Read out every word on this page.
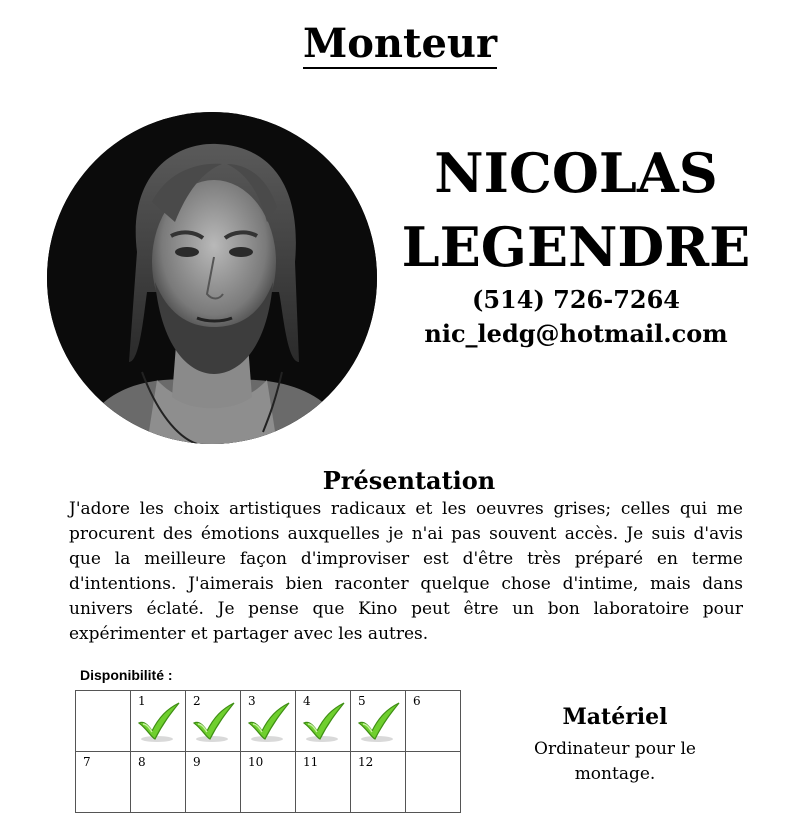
Monteur
NICOLAS
LEGENDRE
(514) 726-7264
nic_ledg@hotmail.com
Présentation
J'adore les choix artistiques radicaux et les oeuvres grises; celles qui me procurent des émotions auxquelles je n'ai pas souvent accès. Je suis d'avis que la meilleure façon d'improviser est d'être très préparé en terme d'intentions. J'aimerais bien raconter quelque chose d'intime, mais dans univers éclaté. Je pense que Kino peut être un bon laboratoire pour expérimenter et partager avec les autres.
Disponibilité :

	1	2	3	4	5	6

7	8	9	10	11	12	

Matériel
Ordinateur pour le montage.
